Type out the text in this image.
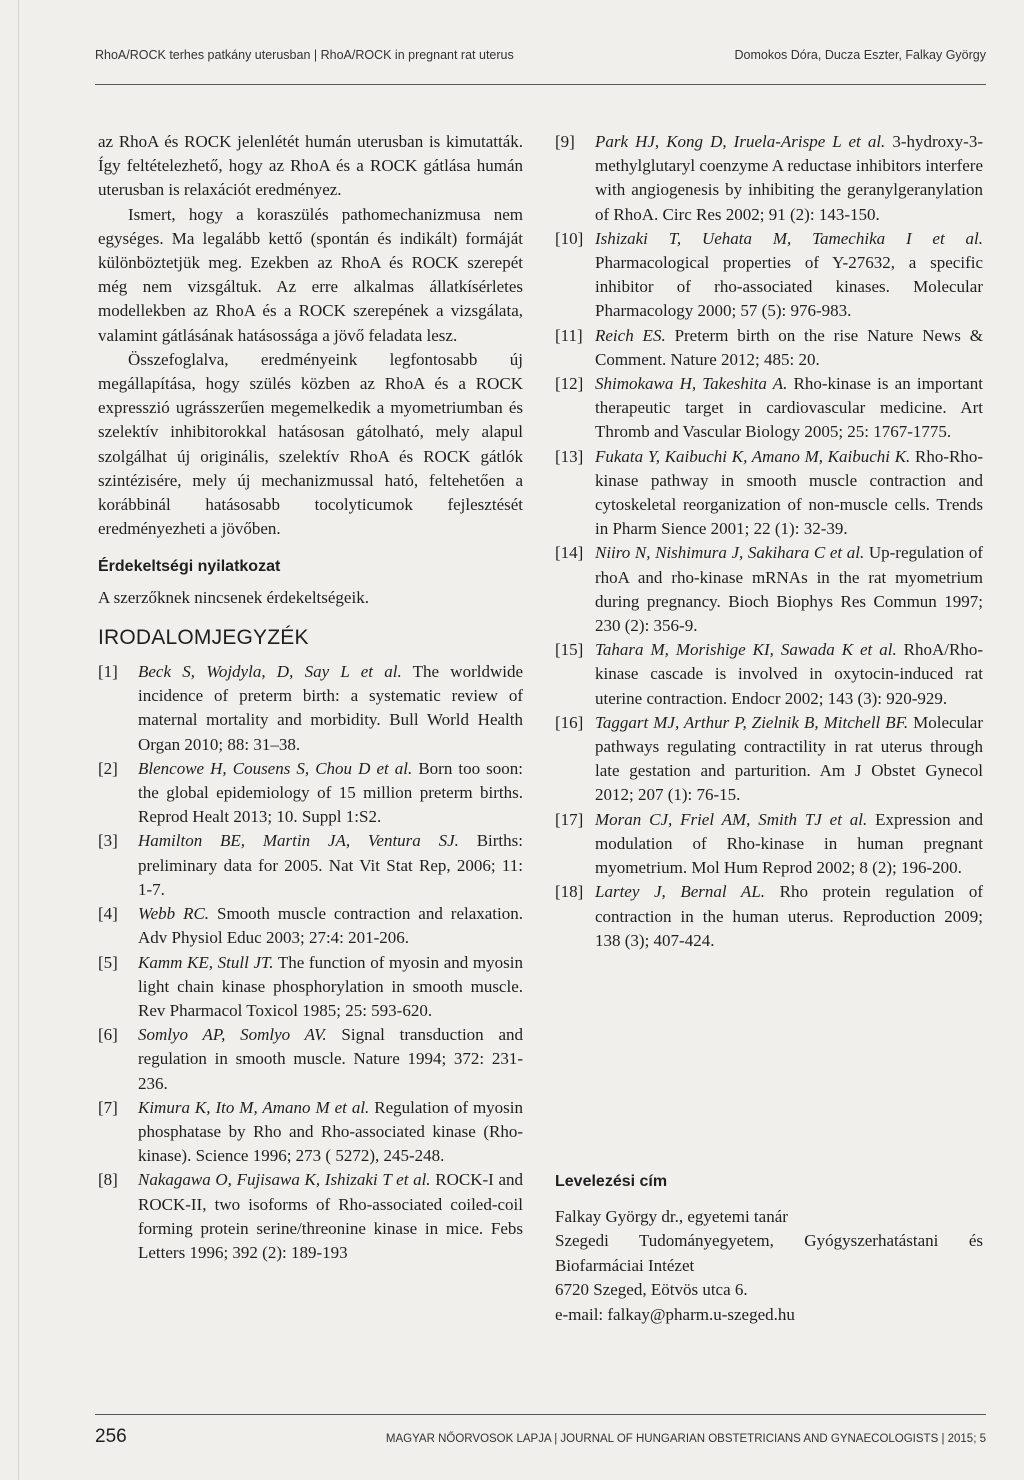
RhoA/ROCK terhes patkány uterusban | RhoA/ROCK in pregnant rat uterus	Domokos Dóra, Ducza Eszter, Falkay György

az RhoA és ROCK jelenlétét humán uterusban is kimutatták. Így feltételezhető, hogy az RhoA és a ROCK gátlása humán uterusban is relaxációt eredményez.

Ismert, hogy a koraszülés pathomechanizmusa nem egységes. Ma legalább kettő (spontán és indikált) formáját különböztetjük meg. Ezekben az RhoA és ROCK szerepét még nem vizsgáltuk. Az erre alkalmas állatkísérletes modellekben az RhoA és a ROCK szerepének a vizsgálata, valamint gátlásának hatásossága a jövő feladata lesz.

Összefoglalva, eredményeink legfontosabb új megállapítása, hogy szülés közben az RhoA és a ROCK expresszió ugrásszerűen megemelkedik a myometriumban és szelektív inhibitorokkal hatásosan gátolható, mely alapul szolgálhat új originális, szelektív RhoA és ROCK gátlók szintézisére, mely új mechanizmussal ható, feltehetően a korábbinál hatásosabb tocolyticumok fejlesztését eredményezheti a jövőben.

Érdekeltségi nyilatkozat

A szerzőknek nincsenek érdekeltségeik.

IRODALOMJEGYZÉK
[1]	Beck S, Wojdyla, D, Say L et al. The worldwide incidence of preterm birth: a systematic review of maternal mortality and morbidity. Bull World Health Organ 2010; 88: 31–38.
[2]	Blencowe H, Cousens S, Chou D et al. Born too soon: the global epidemiology of 15 million preterm births. Reprod Healt 2013; 10. Suppl 1:S2.
[3]	Hamilton BE, Martin JA, Ventura SJ. Births: preliminary data for 2005. Nat Vit Stat Rep, 2006; 11: 1-7.
[4]	Webb RC. Smooth muscle contraction and relaxation. Adv Physiol Educ 2003; 27:4: 201-206.
[5]	Kamm KE, Stull JT. The function of myosin and myosin light chain kinase phosphorylation in smooth muscle. Rev Pharmacol Toxicol 1985; 25: 593-620.
[6]	Somlyo AP, Somlyo AV. Signal transduction and regulation in smooth muscle. Nature 1994; 372: 231-236.
[7]	Kimura K, Ito M, Amano M et al. Regulation of myosin phosphatase by Rho and Rho-associated kinase (Rho-kinase). Science 1996; 273 ( 5272), 245-248.
[8]	Nakagawa O, Fujisawa K, Ishizaki T et al. ROCK-I and ROCK-II, two isoforms of Rho-associated coiled-coil forming protein serine/threonine kinase in mice. Febs Letters 1996; 392 (2): 189-193
[9]	Park HJ, Kong D, Iruela-Arispe L et al. 3-hydroxy-3-methylglutaryl coenzyme A reductase inhibitors interfere with angiogenesis by inhibiting the geranylgeranylation of RhoA. Circ Res 2002; 91 (2): 143-150.
[10] Ishizaki T, Uehata M, Tamechika I et al. Pharmacological properties of Y-27632, a specific inhibitor of rho-associated kinases. Molecular Pharmacology 2000; 57 (5): 976-983.
[11] Reich ES. Preterm birth on the rise Nature News & Comment. Nature 2012; 485: 20.
[12] Shimokawa H, Takeshita A. Rho-kinase is an important therapeutic target in cardiovascular medicine. Art Thromb and Vascular Biology 2005; 25: 1767-1775.
[13] Fukata Y, Kaibuchi K, Amano M, Kaibuchi K. Rho-Rho-kinase pathway in smooth muscle contraction and cytoskeletal reorganization of non-muscle cells. Trends in Pharm Sience 2001; 22 (1): 32-39.
[14] Niiro N, Nishimura J, Sakihara C et al. Up-regulation of rhoA and rho-kinase mRNAs in the rat myometrium during pregnancy. Bioch Biophys Res Commun 1997; 230 (2): 356-9.
[15] Tahara M, Morishige KI, Sawada K et al. RhoA/Rho-kinase cascade is involved in oxytocin-induced rat uterine contraction. Endocr 2002; 143 (3): 920-929.
[16] Taggart MJ, Arthur P, Zielnik B, Mitchell BF. Molecular pathways regulating contractility in rat uterus through late gestation and parturition. Am J Obstet Gynecol 2012; 207 (1): 76-15.
[17] Moran CJ, Friel AM, Smith TJ et al. Expression and modulation of Rho-kinase in human pregnant myometrium. Mol Hum Reprod 2002; 8 (2); 196-200.
[18] Lartey J, Bernal AL. Rho protein regulation of contraction in the human uterus. Reproduction 2009; 138 (3); 407-424.
Levelezési cím

Falkay György dr., egyetemi tanár

Szegedi Tudományegyetem, Gyógyszerhatástani és Biofarmáciai Intézet

6720 Szeged, Eötvös utca 6.

e-mail: falkay@pharm.u-szeged.hu

256	MAGYAR NŐORVOSOK LAPJA | JOURNAL OF HUNGARIAN OBSTETRICIANS AND GYNAECOLOGISTS | 2015; 5
